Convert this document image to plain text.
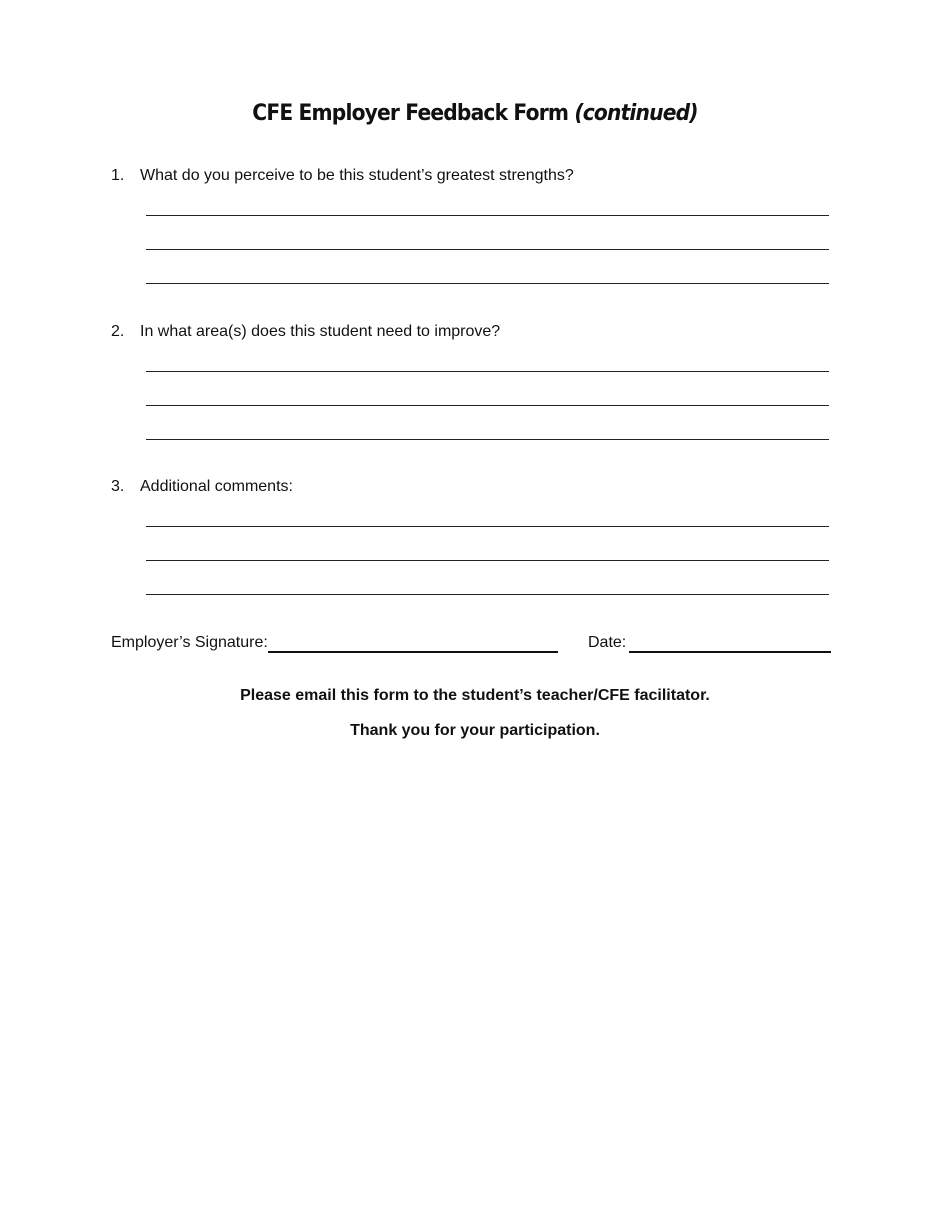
CFE Employer Feedback Form (continued)
1. What do you perceive to be this student’s greatest strengths?
2. In what area(s) does this student need to improve?
3. Additional comments:
Employer’s Signature:	Date:
Please email this form to the student’s teacher/CFE facilitator.
Thank you for your participation.
